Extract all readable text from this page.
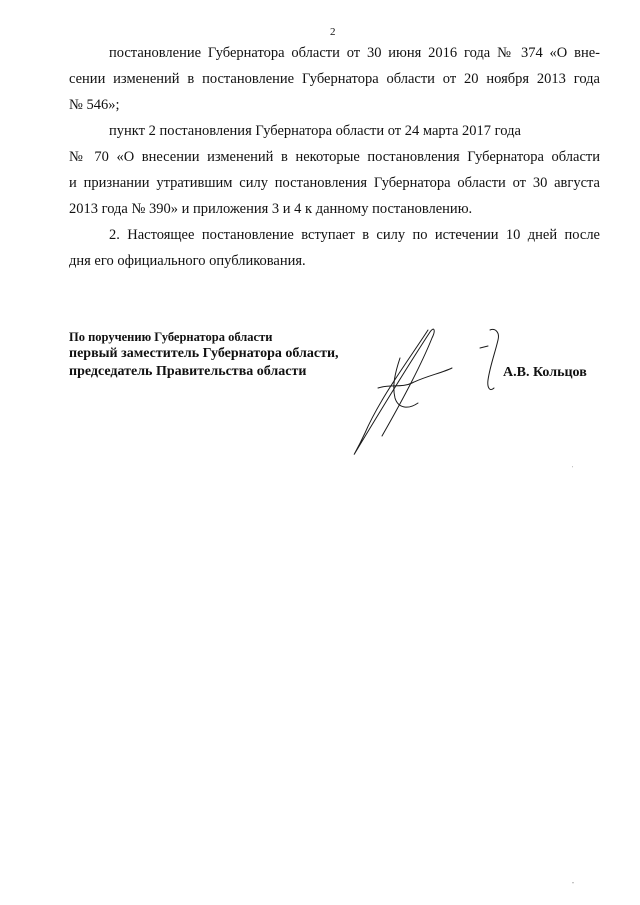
2
постановление Губернатора области от 30 июня 2016 года № 374 «О вне-
сении изменений в постановление Губернатора области от 20 ноября 2013 года
№ 546»;
пункт 2 постановления Губернатора области от 24 марта 2017 года
№ 70 «О внесении изменений в некоторые постановления Губернатора области
и признании утратившим силу постановления Губернатора области от 30 августа
2013 года № 390» и приложения 3 и 4 к данному постановлению.
2. Настоящее постановление вступает в силу по истечении 10 дней после
дня его официального опубликования.
По поручению Губернатора области
первый заместитель Губернатора области,
председатель Правительства области	А.В. Кольцов
'
''
